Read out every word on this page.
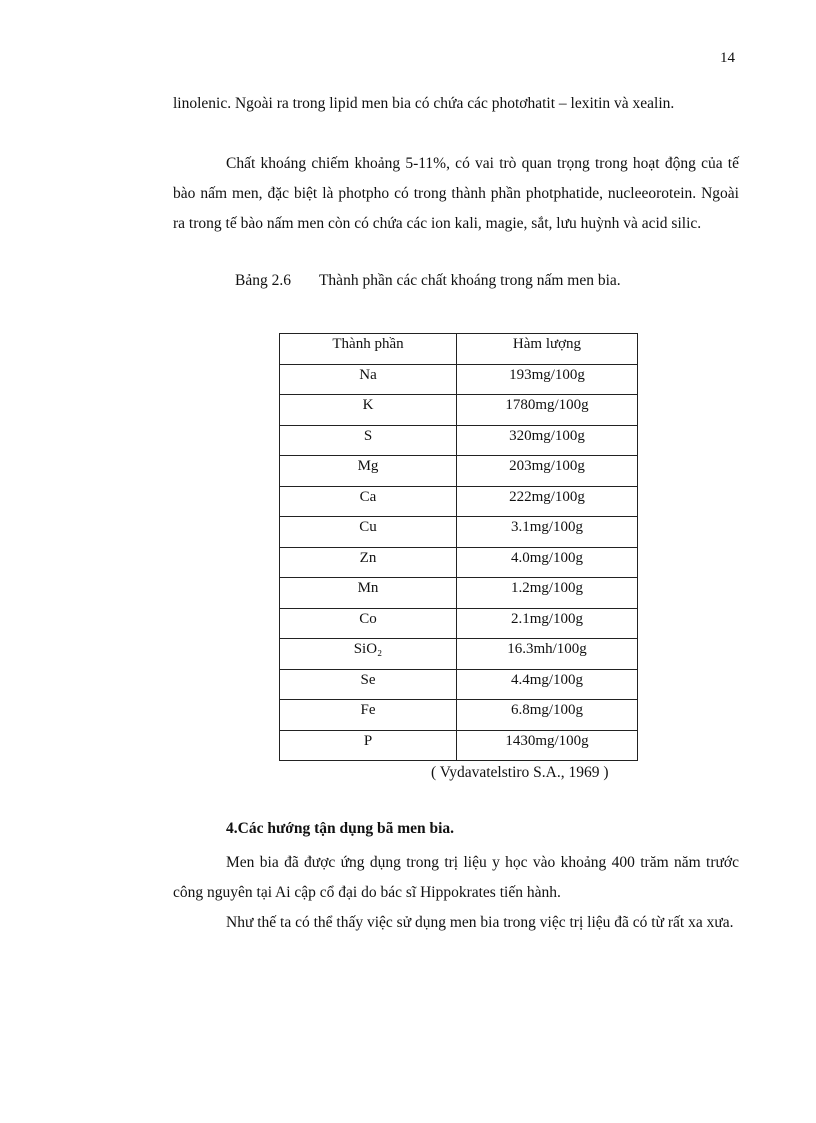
14

linolenic. Ngoài ra trong lipid men bia có chứa các photơhatit – lexitin và xealin.

Chất khoáng chiếm khoảng 5-11%, có vai trò quan trọng trong hoạt động của tế bào nấm men, đặc biệt là photpho có trong thành phần photphatide, nucleeorotein. Ngoài ra trong tế bào nấm men còn có chứa các ion kali, magie, sắt, lưu huỳnh và acid silic.

Bảng 2.6 Thành phần các chất khoáng trong nấm men bia.
Thành phần	Hàm lượng
Na	193mg/100g
K	1780mg/100g
S	320mg/100g
Mg	203mg/100g
Ca	222mg/100g
Cu	3.1mg/100g
Zn	4.0mg/100g
Mn	1.2mg/100g
Co	2.1mg/100g
SiO₂	16.3mh/100g
Se	4.4mg/100g
Fe	6.8mg/100g
P	1430mg/100g
( Vydavatelstiro S.A., 1969 )
4.Các hướng tận dụng bã men bia.

Men bia đã được ứng dụng trong trị liệu y học vào khoảng 400 trăm năm trước công nguyên tại Ai cập cổ đại do bác sĩ Hippokrates tiến hành.

Như thế ta có thể thấy việc sử dụng men bia trong việc trị liệu đã có từ rất xa xưa.
